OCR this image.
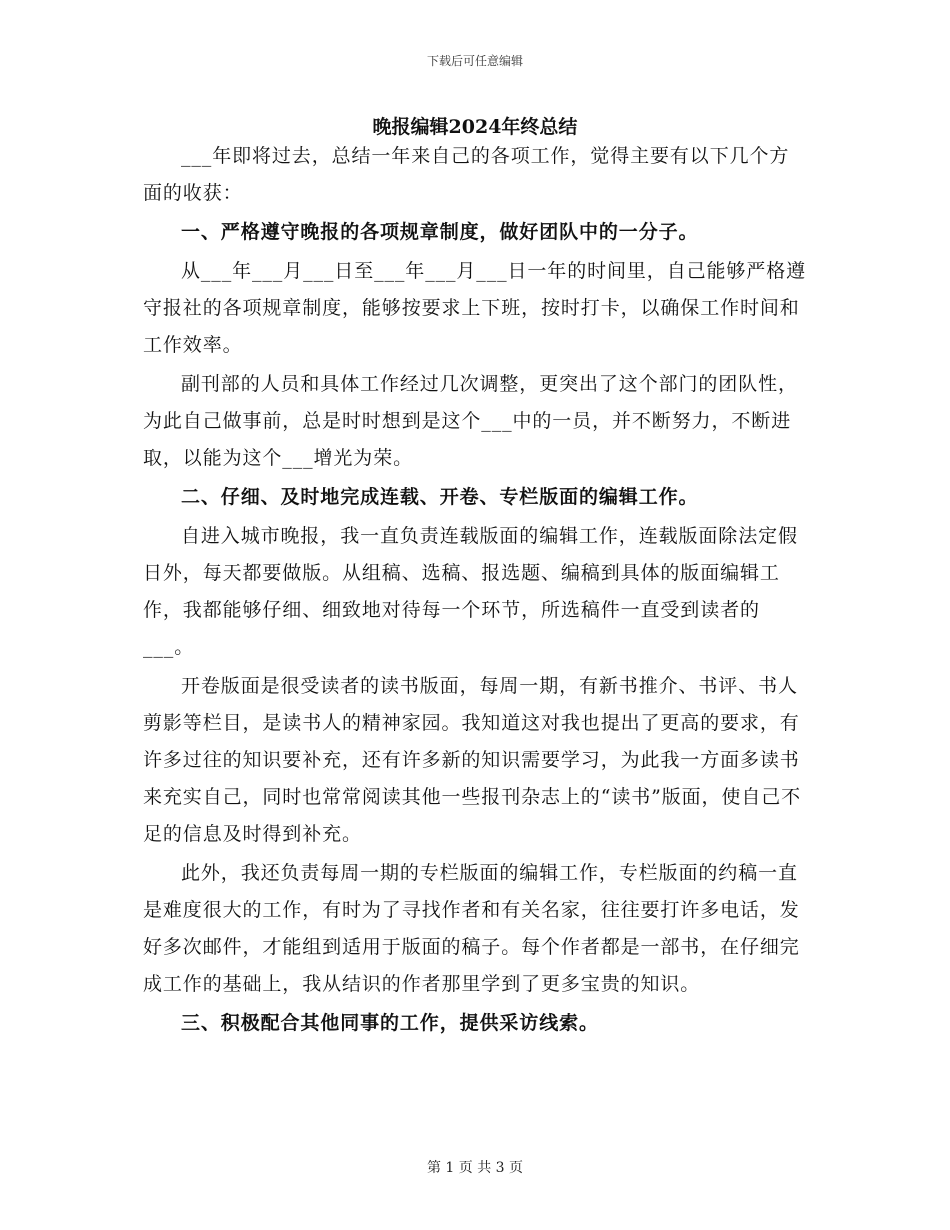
下载后可任意编辑
晚报编辑2024年终总结

___年即将过去，总结一年来自己的各项工作，觉得主要有以下几个方面的收获：

一、严格遵守晚报的各项规章制度，做好团队中的一分子。

从___年___月___日至___年___月___日一年的时间里，自己能够严格遵守报社的各项规章制度，能够按要求上下班，按时打卡，以确保工作时间和工作效率。

副刊部的人员和具体工作经过几次调整，更突出了这个部门的团队性，为此自己做事前，总是时时想到是这个___中的一员，并不断努力，不断进取，以能为这个___增光为荣。

二、仔细、及时地完成连载、开卷、专栏版面的编辑工作。

自进入城市晚报，我一直负责连载版面的编辑工作，连载版面除法定假日外，每天都要做版。从组稿、选稿、报选题、编稿到具体的版面编辑工作，我都能够仔细、细致地对待每一个环节，所选稿件一直受到读者的___。

开卷版面是很受读者的读书版面，每周一期，有新书推介、书评、书人剪影等栏目，是读书人的精神家园。我知道这对我也提出了更高的要求，有许多过往的知识要补充，还有许多新的知识需要学习，为此我一方面多读书来充实自己，同时也常常阅读其他一些报刊杂志上的“读书”版面，使自己不足的信息及时得到补充。

此外，我还负责每周一期的专栏版面的编辑工作，专栏版面的约稿一直是难度很大的工作，有时为了寻找作者和有关名家，往往要打许多电话，发好多次邮件，才能组到适用于版面的稿子。每个作者都是一部书，在仔细完成工作的基础上，我从结识的作者那里学到了更多宝贵的知识。

三、积极配合其他同事的工作，提供采访线索。

第 1 页 共 3 页
